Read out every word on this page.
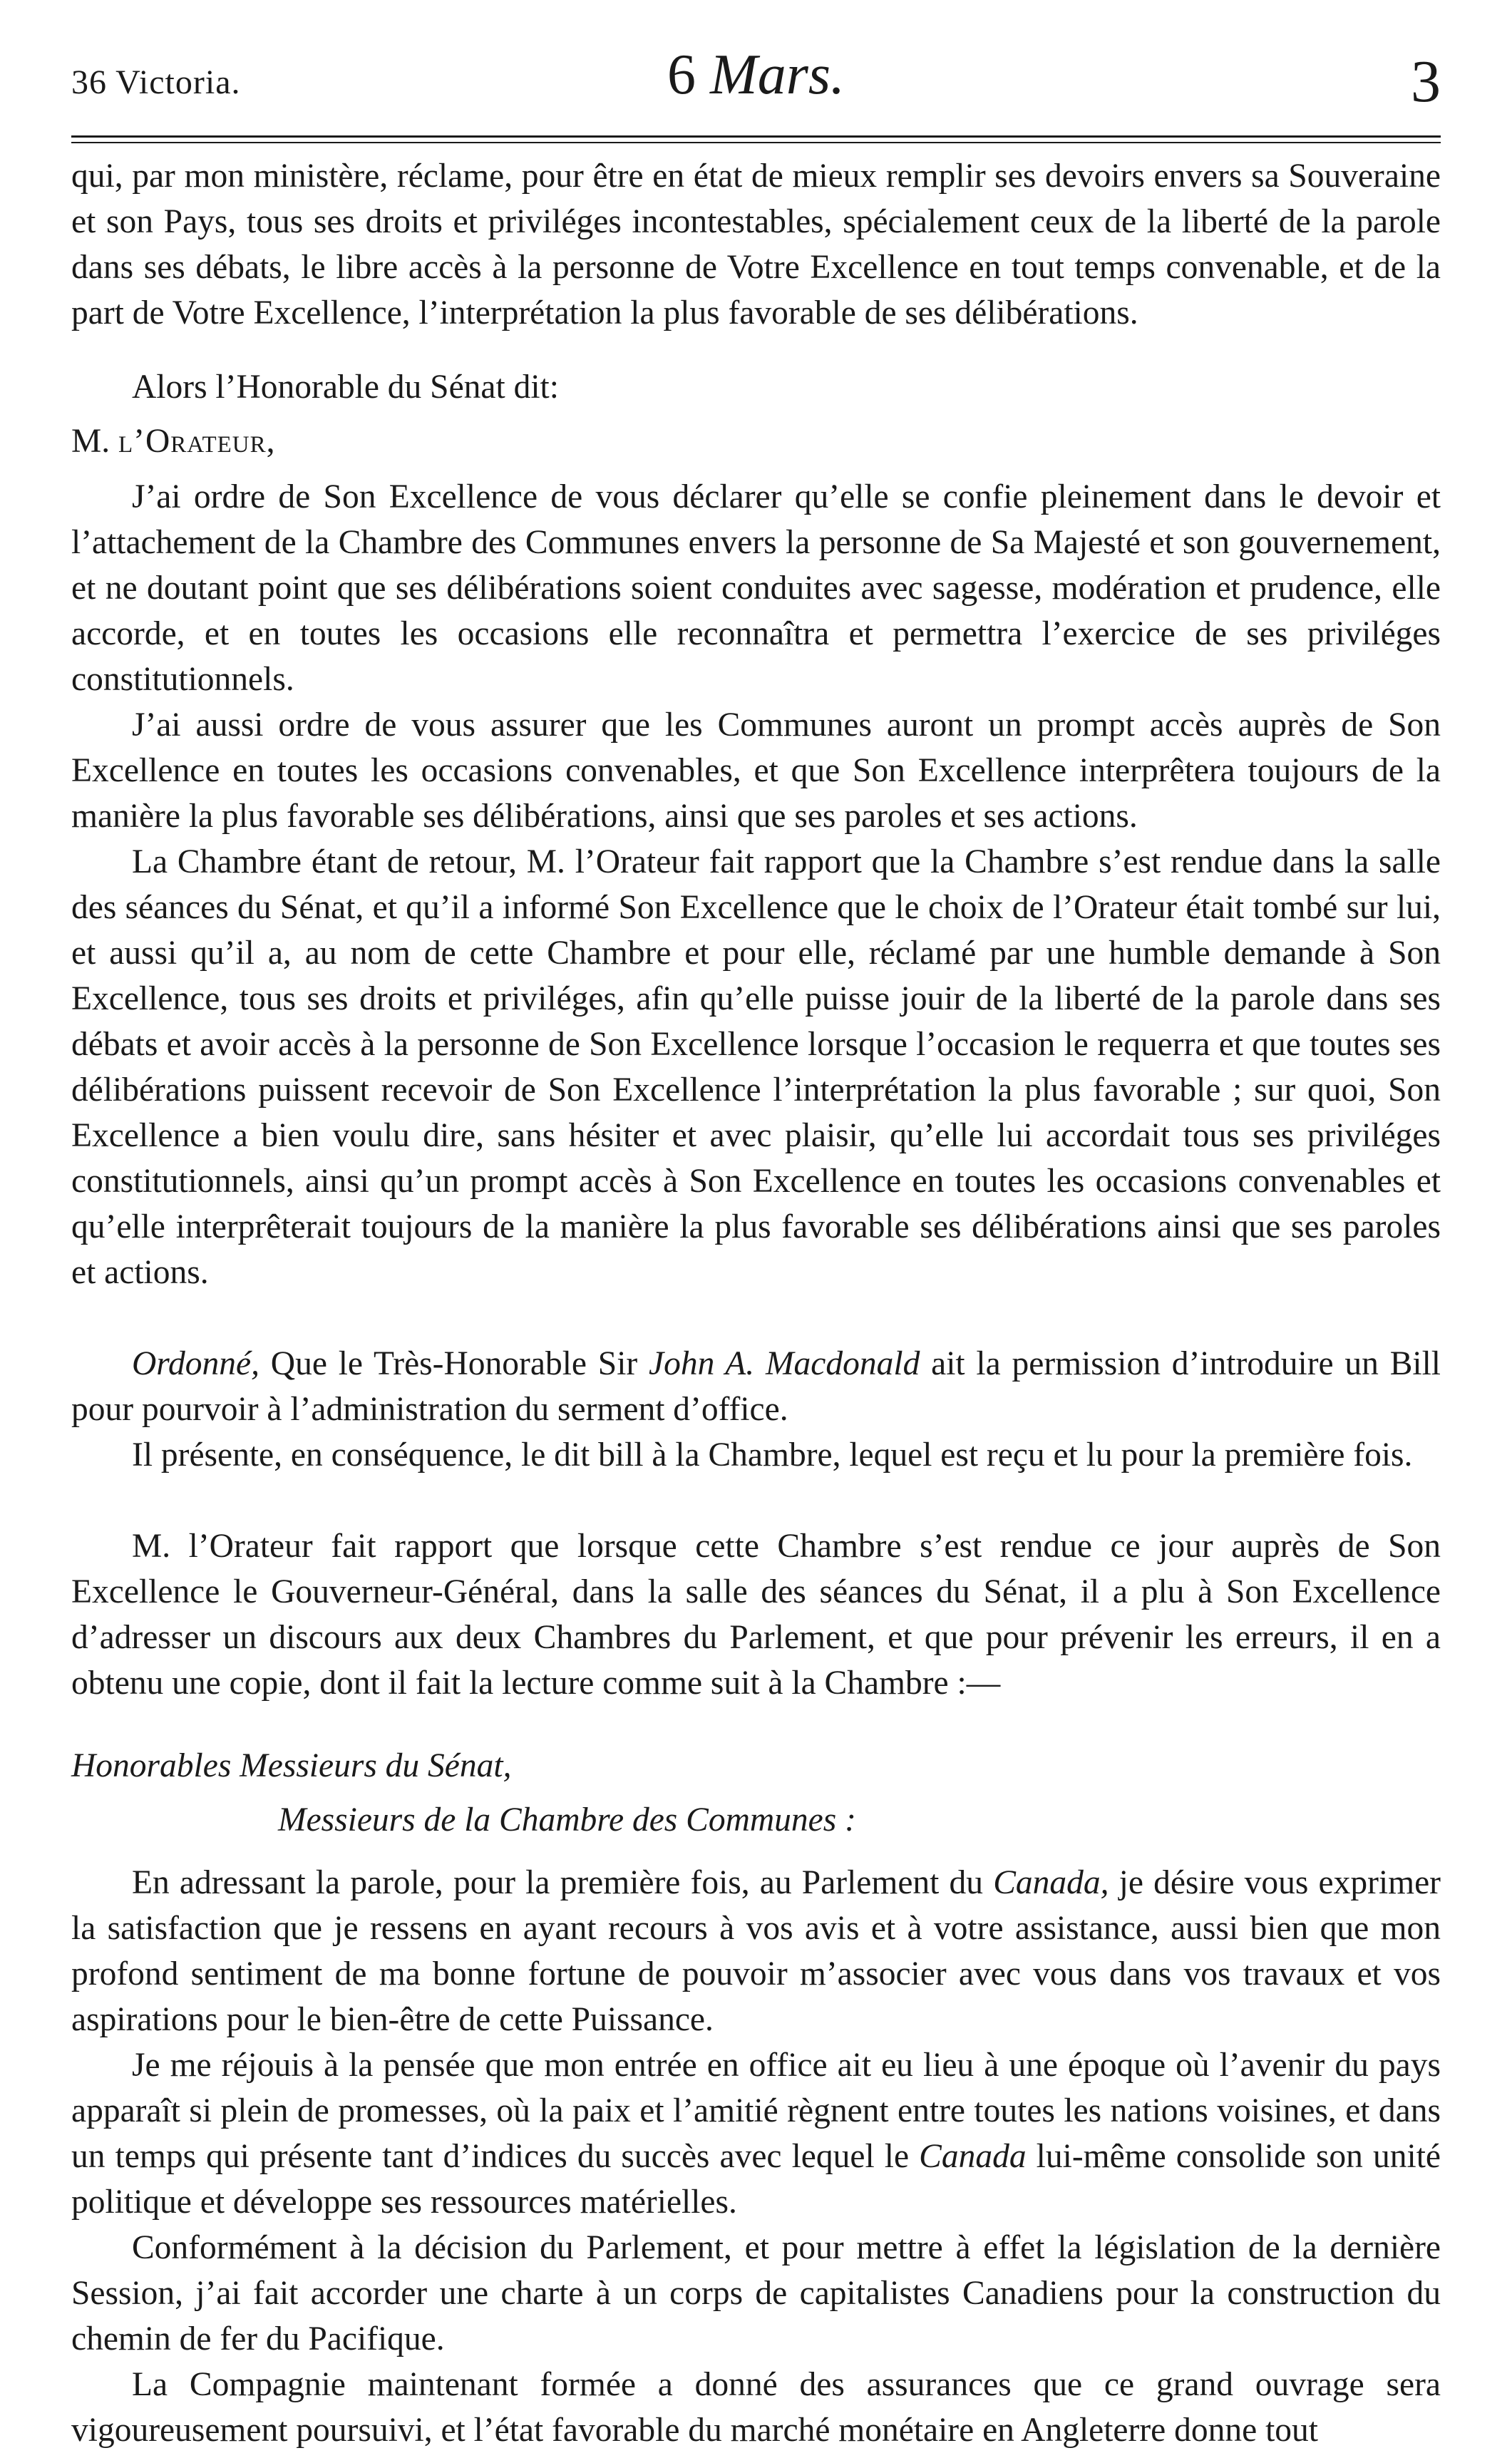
36 Victoria.	6 Mars.	3

qui, par mon ministère, réclame, pour être en état de mieux remplir ses devoirs envers sa Souveraine et son Pays, tous ses droits et priviléges incontestables, spécialement ceux de la liberté de la parole dans ses débats, le libre accès à la personne de Votre Excellence en tout temps convenable, et de la part de Votre Excellence, l’interprétation la plus favorable de ses délibérations.

Alors l’Honorable du Sénat dit:

M. l’Orateur,

J’ai ordre de Son Excellence de vous déclarer qu’elle se confie pleinement dans le devoir et l’attachement de la Chambre des Communes envers la personne de Sa Majesté et son gouvernement, et ne doutant point que ses délibérations soient conduites avec sagesse, modération et prudence, elle accorde, et en toutes les occasions elle reconnaîtra et permettra l’exercice de ses priviléges constitutionnels.

J’ai aussi ordre de vous assurer que les Communes auront un prompt accès auprès de Son Excellence en toutes les occasions convenables, et que Son Excellence interprêtera toujours de la manière la plus favorable ses délibérations, ainsi que ses paroles et ses actions.

La Chambre étant de retour, M. l’Orateur fait rapport que la Chambre s’est rendue dans la salle des séances du Sénat, et qu’il a informé Son Excellence que le choix de l’Orateur était tombé sur lui, et aussi qu’il a, au nom de cette Chambre et pour elle, réclamé par une humble demande à Son Excellence, tous ses droits et priviléges, afin qu’elle puisse jouir de la liberté de la parole dans ses débats et avoir accès à la personne de Son Excellence lorsque l’occasion le requerra et que toutes ses délibérations puissent recevoir de Son Excellence l’interprétation la plus favorable ; sur quoi, Son Excellence a bien voulu dire, sans hésiter et avec plaisir, qu’elle lui accordait tous ses priviléges constitutionnels, ainsi qu’un prompt accès à Son Excellence en toutes les occasions convenables et qu’elle interprêterait toujours de la manière la plus favorable ses délibérations ainsi que ses paroles et actions.

Ordonné, Que le Très-Honorable Sir John A. Macdonald ait la permission d’introduire un Bill pour pourvoir à l’administration du serment d’office.

Il présente, en conséquence, le dit bill à la Chambre, lequel est reçu et lu pour la première fois.

M. l’Orateur fait rapport que lorsque cette Chambre s’est rendue ce jour auprès de Son Excellence le Gouverneur-Général, dans la salle des séances du Sénat, il a plu à Son Excellence d’adresser un discours aux deux Chambres du Parlement, et que pour prévenir les erreurs, il en a obtenu une copie, dont il fait la lecture comme suit à la Chambre :—

Honorables Messieurs du Sénat,
Messieurs de la Chambre des Communes :

En adressant la parole, pour la première fois, au Parlement du Canada, je désire vous exprimer la satisfaction que je ressens en ayant recours à vos avis et à votre assistance, aussi bien que mon profond sentiment de ma bonne fortune de pouvoir m’associer avec vous dans vos travaux et vos aspirations pour le bien-être de cette Puissance.

Je me réjouis à la pensée que mon entrée en office ait eu lieu à une époque où l’avenir du pays apparaît si plein de promesses, où la paix et l’amitié règnent entre toutes les nations voisines, et dans un temps qui présente tant d’indices du succès avec lequel le Canada lui-même consolide son unité politique et développe ses ressources matérielles.

Conformément à la décision du Parlement, et pour mettre à effet la législation de la dernière Session, j’ai fait accorder une charte à un corps de capitalistes Canadiens pour la construction du chemin de fer du Pacifique.

La Compagnie maintenant formée a donné des assurances que ce grand ouvrage sera vigoureusement poursuivi, et l’état favorable du marché monétaire en Angleterre donne tout
